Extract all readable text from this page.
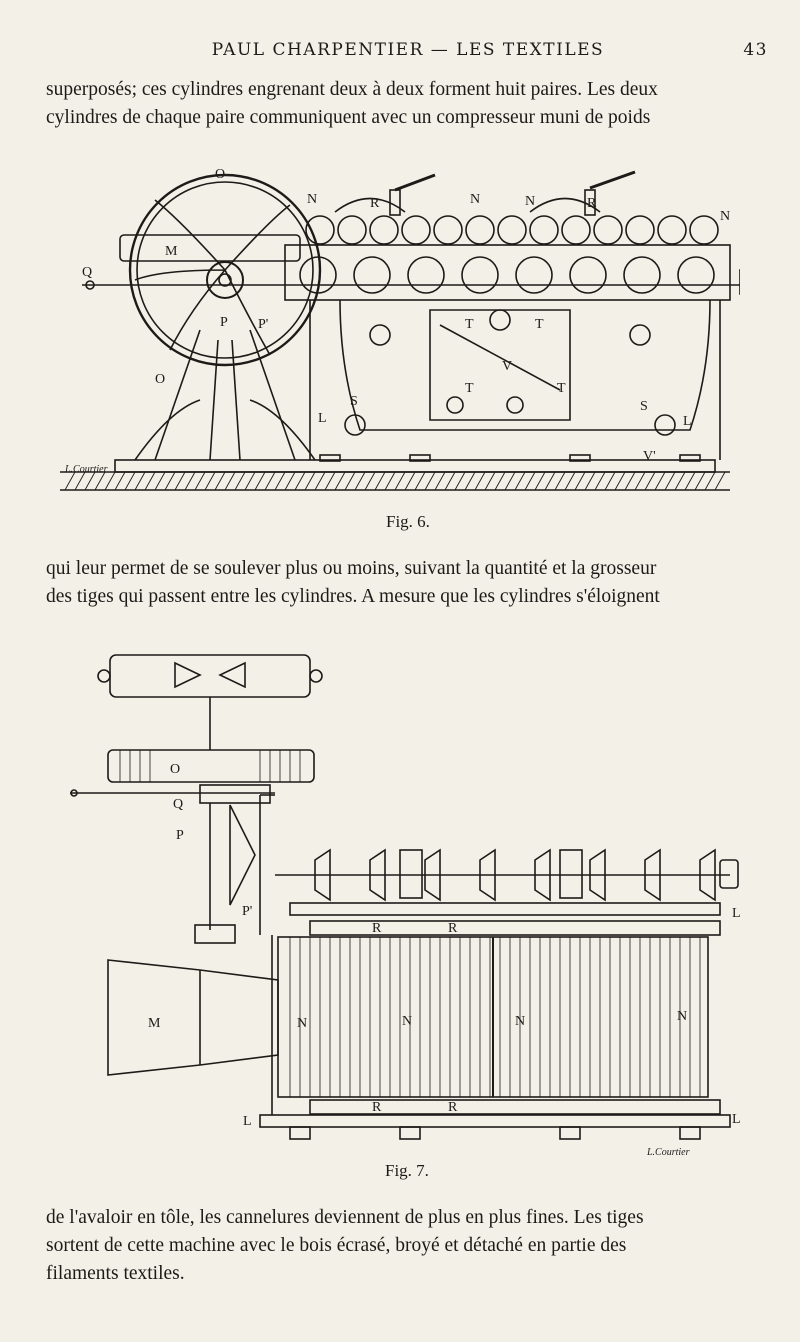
PAUL CHARPENTIER — LES TEXTILES	43
superposés; ces cylindres engrenant deux à deux forment huit paires. Les deux
cylindres de chaque paire communiquent avec un compresseur muni de poids
O
O
N	N	N
N
R	R
M
Q
P P'	T	T
T	T
V
V'
S	S
L	L
L.Courtier
Fig. 6.
qui leur permet de se soulever plus ou moins, suivant la quantité et la grosseur
des tiges qui passent entre les cylindres. A mesure que les cylindres s'éloignent
O
Q
P
P'
M	N	N	N	N
R	R
R	R
L
L	L
L.Courtier
Fig. 7.
de l'avaloir en tôle, les cannelures deviennent de plus en plus fines. Les tiges
sortent de cette machine avec le bois écrasé, broyé et détaché en partie des
filaments textiles.
